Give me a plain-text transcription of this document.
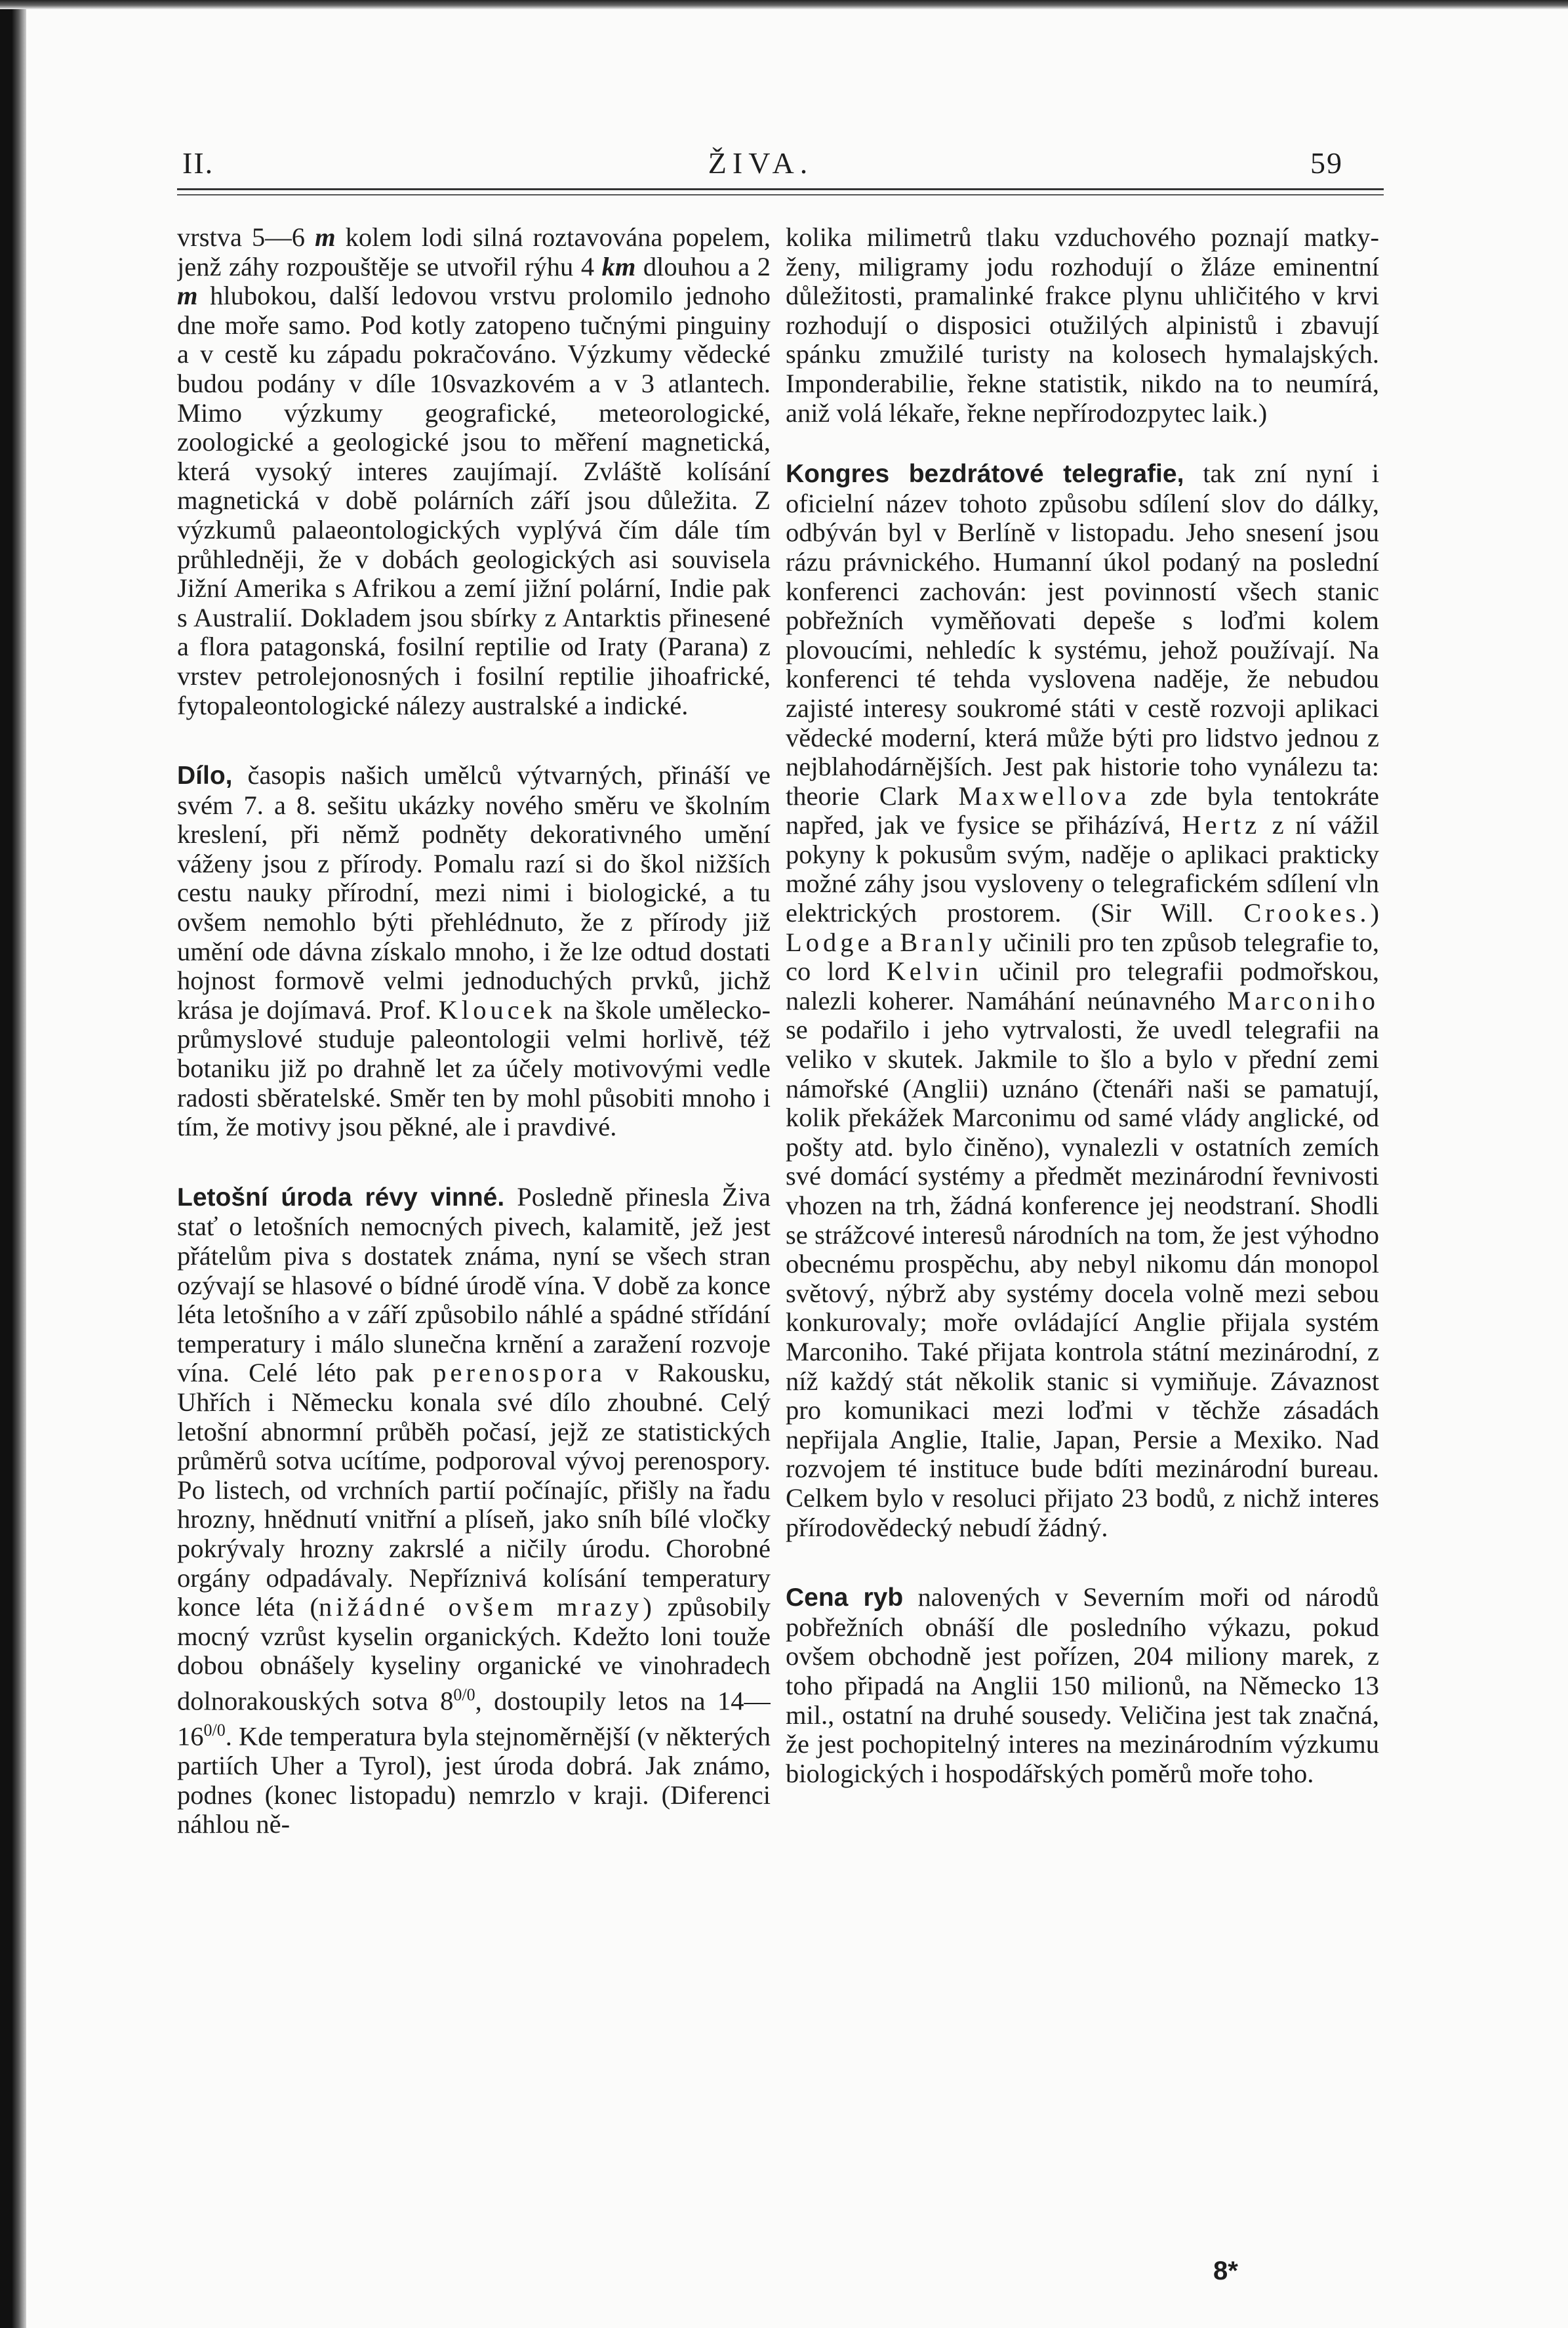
II.	ŽIVA.	59

vrstva 5—6 m kolem lodi silná roztavována popelem, jenž záhy rozpouštěje se utvořil rýhu 4 km dlouhou a 2 m hlubokou, další ledovou vrstvu prolomilo jednoho dne moře samo. Pod kotly zatopeno tučnými pinguiny a v cestě ku západu pokračováno. Výzkumy vědecké budou podány v díle 10svazkovém a v 3 atlantech. Mimo výzkumy geografické, meteorologické, zoologické a geologické jsou to měření magnetická, která vysoký interes zaujímají. Zvláště kolísání magnetická v době polárních září jsou důležita. Z výzkumů palaeontologických vyplývá čím dále tím průhledněji, že v dobách geologických asi souvisela Jižní Amerika s Afrikou a zemí jižní polární, Indie pak s Australií. Dokladem jsou sbírky z Antarktis přinesené a flora patagonská, fosilní reptilie od Iraty (Parana) z vrstev petrolejonosných i fosilní reptilie jihoafrické, fytopaleontologické nálezy australské a indické.

Dílo, časopis našich umělců výtvarných, přináší ve svém 7. a 8. sešitu ukázky nového směru ve školním kreslení, při němž podněty dekorativného umění váženy jsou z přírody. Pomalu razí si do škol nižších cestu nauky přírodní, mezi nimi i biologické, a tu ovšem nemohlo býti přehlédnuto, že z přírody již umění ode dávna získalo mnoho, i že lze odtud dostati hojnost formově velmi jednoduchých prvků, jichž krása je dojímavá. Prof. Kloucek na škole umělecko-průmyslové studuje paleontologii velmi horlivě, též botaniku již po drahně let za účely motivovými vedle radosti sběratelské. Směr ten by mohl působiti mnoho i tím, že motivy jsou pěkné, ale i pravdivé.

Letošní úroda révy vinné. Posledně přinesla Živa stať o letošních nemocných pivech, kalamitě, jež jest přátelům piva s dostatek známa, nyní se všech stran ozývají se hlasové o bídné úrodě vína. V době za konce léta letošního a v září způsobilo náhlé a spádné střídání temperatury i málo slunečna krnění a zaražení rozvoje vína. Celé léto pak perenospora v Rakousku, Uhřích i Německu konala své dílo zhoubné. Celý letošní abnormní průběh počasí, jejž ze statistických průměrů sotva ucítíme, podporoval vývoj perenospory. Po listech, od vrchních partií počínajíc, přišly na řadu hrozny, hnědnutí vnitřní a plíseň, jako sníh bílé vločky pokrývaly hrozny zakrslé a ničily úrodu. Chorobné orgány odpadávaly. Nepříznivá kolísání temperatury konce léta (nižádné ovšem mrazy) způsobily mocný vzrůst kyselin organických. Kdežto loni touže dobou obnášely kyseliny organické ve vinohradech dolnorakouských sotva $8^{0/0}$, dostoupily letos na $14—16^{0/0}$. Kde temperatura byla stejnoměrnější (v některých partiích Uher a Tyrol), jest úroda dobrá. Jak známo, podnes (konec listopadu) nemrzlo v kraji. (Diferenci náhlou ně-

kolika milimetrů tlaku vzduchového poznají matky-ženy, miligramy jodu rozhodují o žláze eminentní důležitosti, pramalinké frakce plynu uhličitého v krvi rozhodují o disposici otužilých alpinistů i zbavují spánku zmužilé turisty na kolosech hymalajských. Imponderabilie, řekne statistik, nikdo na to neumírá, aniž volá lékaře, řekne nepřírodozpytec laik.)

Kongres bezdrátové telegrafie, tak zní nyní i oficielní název tohoto způsobu sdílení slov do dálky, odbýván byl v Berlíně v listopadu. Jeho snesení jsou rázu právnického. Humanní úkol podaný na poslední konferenci zachován: jest povinností všech stanic pobřežních vyměňovati depeše s loďmi kolem plovoucími, nehledíc k systému, jehož používají. Na konferenci té tehda vyslovena naděje, že nebudou zajisté interesy soukromé státi v cestě rozvoji aplikaci vědecké moderní, která může býti pro lidstvo jednou z nejblahodárnějších. Jest pak historie toho vynálezu ta: theorie Clark Maxwellova zde byla tentokráte napřed, jak ve fysice se přiházívá, Hertz z ní vážil pokyny k pokusům svým, naděje o aplikaci prakticky možné záhy jsou vysloveny o telegrafickém sdílení vln elektrických prostorem. (Sir Will. Crookes.) Lodge a Branly učinili pro ten způsob telegrafie to, co lord Kelvin učinil pro telegrafii podmořskou, nalezli koherer. Namáhání neúnavného Marconiho se podařilo i jeho vytrvalosti, že uvedl telegrafii na veliko v skutek. Jakmile to šlo a bylo v přední zemi námořské (Anglii) uznáno (čtenáři naši se pamatují, kolik překážek Marconimu od samé vlády anglické, od pošty atd. bylo činěno), vynalezli v ostatních zemích své domácí systémy a předmět mezinárodní řevnivosti vhozen na trh, žádná konference jej neodstraní. Shodli se strážcové interesů národních na tom, že jest výhodno obecnému prospěchu, aby nebyl nikomu dán monopol světový, nýbrž aby systémy docela volně mezi sebou konkurovaly; moře ovládající Anglie přijala systém Marconiho. Také přijata kontrola státní mezinárodní, z níž každý stát několik stanic si vymiňuje. Závaznost pro komunikaci mezi loďmi v těchže zásadách nepřijala Anglie, Italie, Japan, Persie a Mexiko. Nad rozvojem té instituce bude bdíti mezinárodní bureau. Celkem bylo v resoluci přijato 23 bodů, z nichž interes přírodovědecký nebudí žádný.

Cena ryb nalovených v Severním moři od národů pobřežních obnáší dle posledního výkazu, pokud ovšem obchodně jest pořízen, 204 miliony marek, z toho připadá na Anglii 150 milionů, na Německo 13 mil., ostatní na druhé sousedy. Veličina jest tak značná, že jest pochopitelný interes na mezinárodním výzkumu biologických i hospodářských poměrů moře toho.

8*
